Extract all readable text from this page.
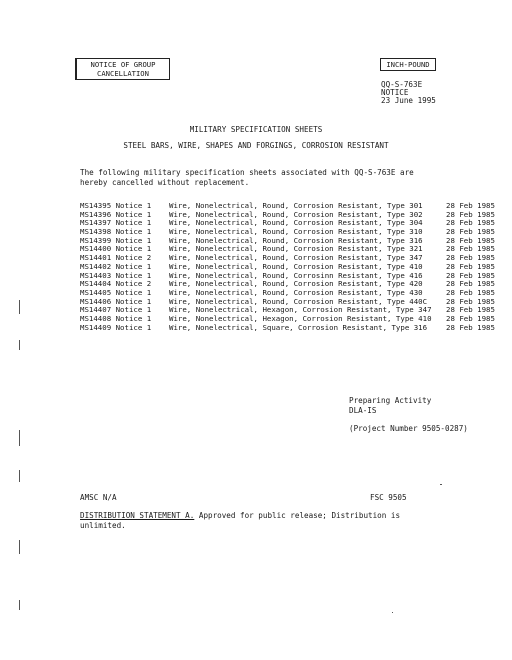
NOTICE OF GROUP
CANCELLATION
INCH-POUND
QQ-S-763E
NOTICE
23 June 1995
MILITARY SPECIFICATION SHEETS
STEEL BARS, WIRE, SHAPES AND FORGINGS, CORROSION RESISTANT
The following military specification sheets associated with QQ-S-763E are hereby cancelled without replacement.
MS14395 Notice 1 Wire, Nonelectrical, Round, Corrosion Resistant, Type 301	28 Feb 1985
MS14396 Notice 1 Wire, Nonelectrical, Round, Corrosion Resistant, Type 302	28 Feb 1985
MS14397 Notice 1 Wire, Nonelectrical, Round, Corrosion Resistant, Type 304	28 Feb 1985
MS14398 Notice 1 Wire, Nonelectrical, Round, Corrosion Resistant, Type 310	28 Feb 1985
MS14399 Notice 1 Wire, Nonelectrical, Round, Corrosion Resistant, Type 316	28 Feb 1985
MS14400 Notice 1 Wire, Nonelectrical, Round, Corrosion Resistant, Type 321	28 Feb 1985
MS14401 Notice 2 Wire, Nonelectrical, Round, Corrosion Resistant, Type 347	28 Feb 1985
MS14402 Notice 1 Wire, Nonelectrical, Round, Corrosion Resistant, Type 410	28 Feb 1985
MS14403 Notice 1 Wire, Nonelectrical, Round, Corrosinn Resistant, Type 416	28 Feb 1985
MS14404 Notice 2 Wire, Nonelectrical, Round, Corrosion Resistant, Type 420	28 Feb 1985
MS14405 Notice 1 Wire, Nonelectrical, Round, Corrosion Resistant, Type 430	28 Feb 1985
MS14406 Notice 1 Wire, Nonelectrical, Round, Corrosion Resistant, Type 440C	28 Feb 1985
MS14407 Notice 1 Wire, Nonelectrical, Hexagon, Corrosion Resistant, Type 347 28 Feb 1985
MS14408 Notice 1 Wire, Nonelectrical, Hexagon, Corrosion Resistant, Type 410 28 Feb 1985
MS14409 Notice 1 Wire, Nonelectrical, Square, Corrosion Resistant, Type 316	28 Feb 1985
Preparing Activity
DLA-IS
(Project Number 9505-0287)
AMSC N/A	FSC 9505
DISTRIBUTION STATEMENT A. Approved for public release; Distribution is unlimited.
